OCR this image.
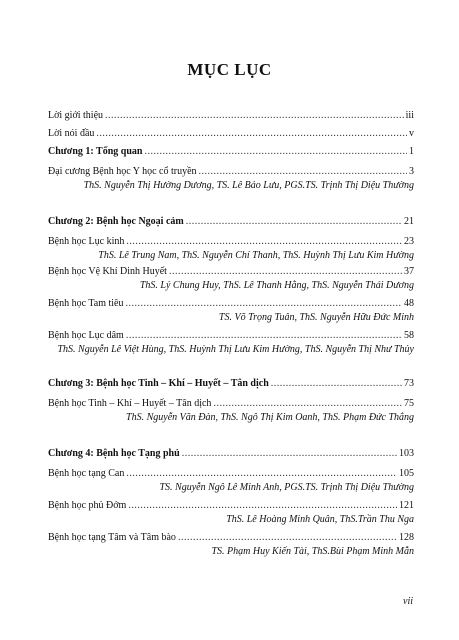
MỤC LỤC
Lời giới thiệu .....	iii
Lời nói đầu .....	v
Chương 1: Tổng quan .....	1
Đại cương Bệnh học Y học cổ truyền .....	3
ThS. Nguyễn Thị Hường Dương, TS. Lê Bảo Lưu, PGS.TS. Trịnh Thị Diệu Thường
Chương 2: Bệnh học Ngoại cảm .....	21
Bệnh học Lục kinh .....	23
ThS. Lê Trung Nam, ThS. Nguyễn Chí Thanh, ThS. Huỳnh Thị Lưu Kim Hường
Bệnh học Vệ Khí Dinh Huyết .....	37
ThS. Lý Chung Huy, ThS. Lê Thanh Hằng, ThS. Nguyễn Thái Dương
Bệnh học Tam tiêu .....	48
TS. Võ Trọng Tuân, ThS. Nguyễn Hữu Đức Minh
Bệnh học Lục dâm .....	58
ThS. Nguyễn Lê Việt Hùng, ThS. Huỳnh Thị Lưu Kim Hường, ThS. Nguyễn Thị Như Thủy
Chương 3: Bệnh học Tinh – Khí – Huyết – Tân dịch .....	73
Bệnh học Tinh – Khí – Huyết – Tân dịch .....	75
ThS. Nguyễn Văn Đàn, ThS. Ngô Thị Kim Oanh, ThS. Phạm Đức Thắng
Chương 4: Bệnh học Tạng phủ .....	103
Bệnh học tạng Can .....	105
TS. Nguyễn Ngô Lê Minh Anh, PGS.TS. Trịnh Thị Diệu Thường
Bệnh học phủ Đởm .....	121
ThS. Lê Hoàng Minh Quân, ThS.Trần Thu Nga
Bệnh học tạng Tâm và Tâm bào .....	128
TS. Phạm Huy Kiến Tài, ThS.Bùi Phạm Minh Mẫn
vii
